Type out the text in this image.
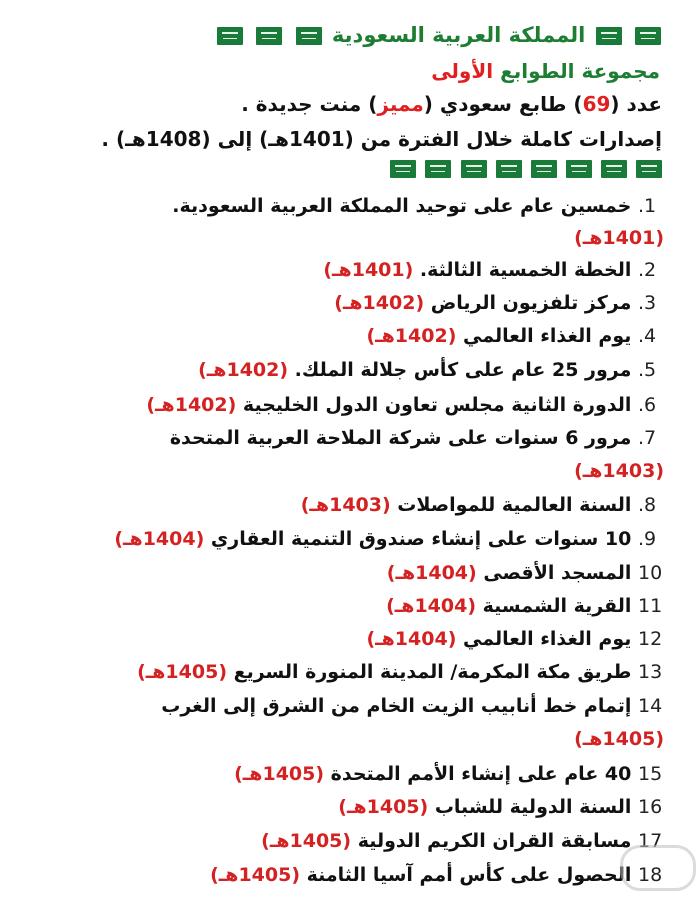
المملكة العربية السعودية
مجموعة الطوابع الأولى
عدد (69) طابع سعودي (مميز) منت جديدة .
إصدارات كاملة خلال الفترة من (1401هـ) إلى (1408هـ) .

1. خمسين عام على توحيد المملكة العربية السعودية.
(1401هـ)
2. الخطة الخمسية الثالثة. (1401هـ)
3. مركز تلفزيون الرياض (1402هـ)
4. يوم الغذاء العالمي (1402هـ)
5. مرور 25 عام على كأس جلالة الملك. (1402هـ)
6. الدورة الثانية مجلس تعاون الدول الخليجية (1402هـ)
7. مرور 6 سنوات على شركة الملاحة العربية المتحدة
(1403هـ)
8. السنة العالمية للمواصلات (1403هـ)
9. 10 سنوات على إنشاء صندوق التنمية العقاري (1404هـ)
10 المسجد الأقصى (1404هـ)
11 القرية الشمسية (1404هـ)
12 يوم الغذاء العالمي (1404هـ)
13 طريق مكة المكرمة/ المدينة المنورة السريع (1405هـ)
14 إتمام خط أنابيب الزيت الخام من الشرق إلى الغرب
(1405هـ)
15 40 عام على إنشاء الأمم المتحدة (1405هـ)
16 السنة الدولية للشباب (1405هـ)
17 مسابقة القران الكريم الدولية (1405هـ)
18 الحصول على كأس أمم آسيا الثامنة (1405هـ)
